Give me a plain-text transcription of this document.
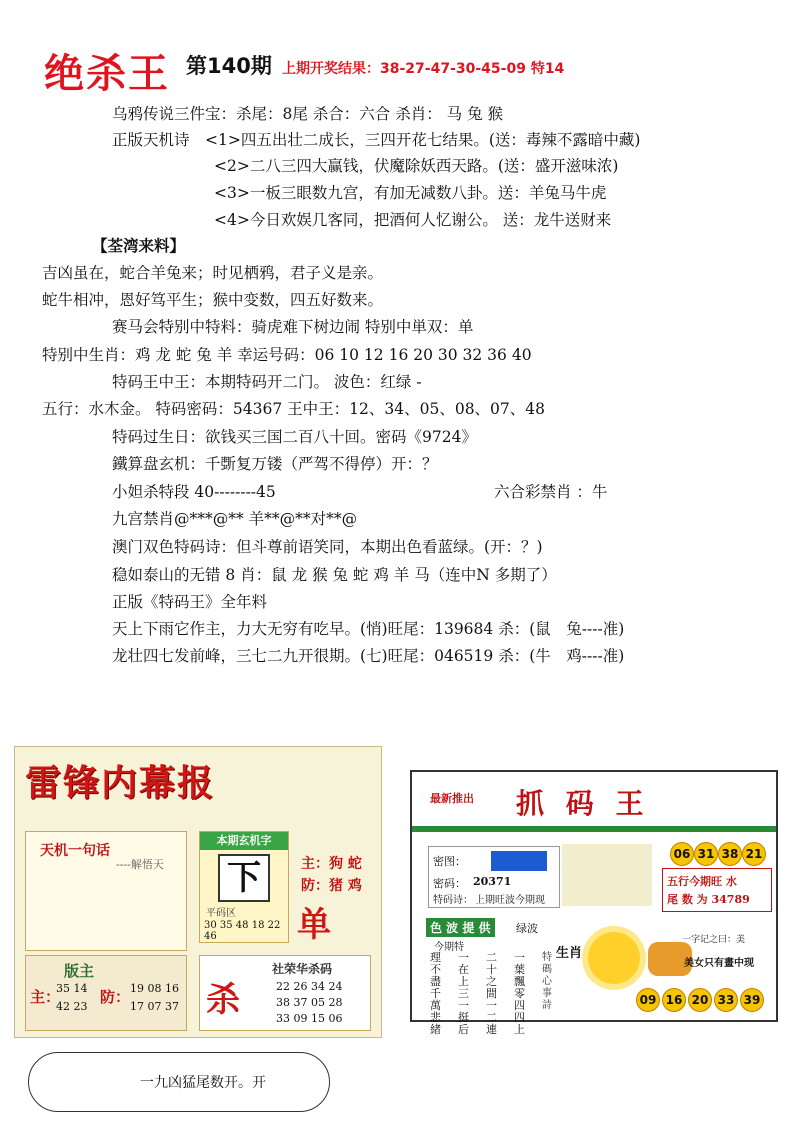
绝杀王 第140期 上期开奖结果：38-27-47-30-45-09 特14
乌鸦传说三件宝：杀尾：8尾 杀合：六合 杀肖： 马 兔 猴
正版天机诗　<1>四五出壮二成长，三四开花七结果。(送：毒辣不露暗中藏)
<2>二八三四大赢钱，伏魔除妖西天路。(送：盛开滋味浓)
<3>一板三眼数九宫，有加无减数八卦。送：羊兔马牛虎
<4>今日欢娱几客同，把酒何人忆谢公。 送：龙牛送财来
【荃湾来料】
吉凶虽在，蛇合羊兔来；时见栖鸦，君子义是亲。
蛇牛相冲，恩好笃平生；猴中变数，四五好数来。
赛马会特别中特料：骑虎难下树边闹 特别中単双：单
特别中生肖：鸡 龙 蛇 兔 羊 幸运号码：06 10 12 16 20 30 32 36 40
特码王中王：本期特码开二门。 波色：红绿 -
五行：水木金。 特码密码：54367 王中王：12、34、05、08、07、48
特码过生日：欲钱买三国二百八十回。密码《9724》
鐵算盘玄机：千斲复万镂（严驾不得停）开：？
小妲杀特段 40--------45	六合彩禁肖 ：牛
九宫禁肖@***@** 羊**@**对**@
澳门双色特码诗：但斗尊前语笑同，本期出色看蓝绿。(开：？)
稳如泰山的无错 8 肖：鼠 龙 猴 兔 蛇 鸡 羊 马（连中N 多期了）
正版《特码王》全年料
天上下雨它作主，力大无穷有吃早。(悄)旺尾：139684 杀：(鼠　兔----准)
龙壮四七发前峰，三七二九开很期。(七)旺尾：046519 杀：(牛　鸡----准)
雷锋内幕报
天机一句话
----解悟天
本期玄机字
下
平码区
30 35 48 18 22 46
主：狗 蛇
防：猪 鸡
单
版主
主：
35 14
42 23
防： 19 08 16
17 07 37 杀
社荣华杀码
22 26 34 24
38 37 05 28
33 09 15 06
最新推出 抓 码 王
密图：
密码： 20371
特码诗： 上期旺波今期现
06 31 38 21
五行今期旺 水
尾 数 为 34789
色 波 提 供	绿波
今期特
理不盡千萬悲緒
一在上三一挺后
二十之間一二連
一葉飄零四四上
特碼心事詩
生肖
一字记之曰：美
美女只有畫中现
09 16 20 33 39
一九凶猛尾数开。开
